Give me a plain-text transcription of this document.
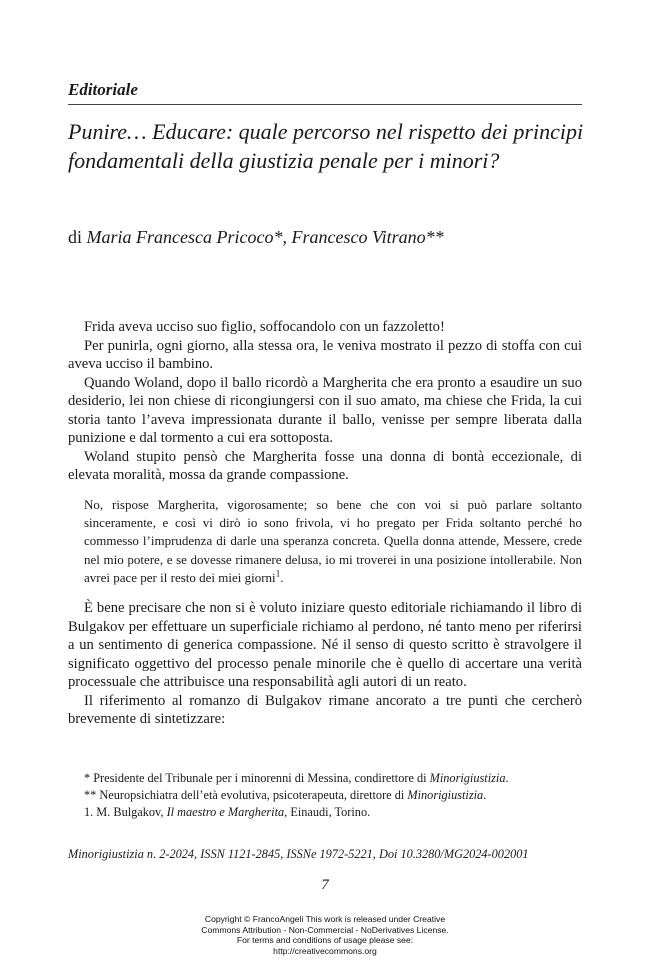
Editoriale
Punire… Educare: quale percorso nel rispetto dei principi fondamentali della giustizia penale per i minori?

di Maria Francesca Pricoco*, Francesco Vitrano**

Frida aveva ucciso suo figlio, soffocandolo con un fazzoletto!

Per punirla, ogni giorno, alla stessa ora, le veniva mostrato il pezzo di stoffa con cui aveva ucciso il bambino.

Quando Woland, dopo il ballo ricordò a Margherita che era pronto a esaudire un suo desiderio, lei non chiese di ricongiungersi con il suo amato, ma chiese che Frida, la cui storia tanto l’aveva impressionata durante il ballo, venisse per sempre liberata dalla punizione e dal tormento a cui era sottoposta.

Woland stupito pensò che Margherita fosse una donna di bontà eccezionale, di elevata moralità, mossa da grande compassione.

No, rispose Margherita, vigorosamente; so bene che con voi si può parlare soltanto sinceramente, e così vi dirò io sono frivola, vi ho pregato per Frida soltanto perché ho commesso l’imprudenza di darle una speranza concreta. Quella donna attende, Messere, crede nel mio potere, e se dovesse rimanere delusa, io mi troverei in una posizione intollerabile. Non avrei pace per il resto dei miei giorni$^1$.

È bene precisare che non si è voluto iniziare questo editoriale richiamando il libro di Bulgakov per effettuare un superficiale richiamo al perdono, né tanto meno per riferirsi a un sentimento di generica compassione. Né il senso di questo scritto è stravolgere il significato oggettivo del processo penale minorile che è quello di accertare una verità processuale che attribuisce una responsabilità agli autori di un reato.

Il riferimento al romanzo di Bulgakov rimane ancorato a tre punti che cercherò brevemente di sintetizzare:

* Presidente del Tribunale per i minorenni di Messina, condirettore di Minorigiustizia.
** Neuropsichiatra dell’età evolutiva, psicoterapeuta, direttore di Minorigiustizia.
1. M. Bulgakov, Il maestro e Margherita, Einaudi, Torino.
Minorigiustizia n. 2-2024, ISSN 1121-2845, ISSNe 1972-5221, Doi 10.3280/MG2024-002001
7
Copyright © FrancoAngeli This work is released under Creative
Commons Attribution - Non-Commercial - NoDerivatives License.
For terms and conditions of usage please see:
http://creativecommons.org
